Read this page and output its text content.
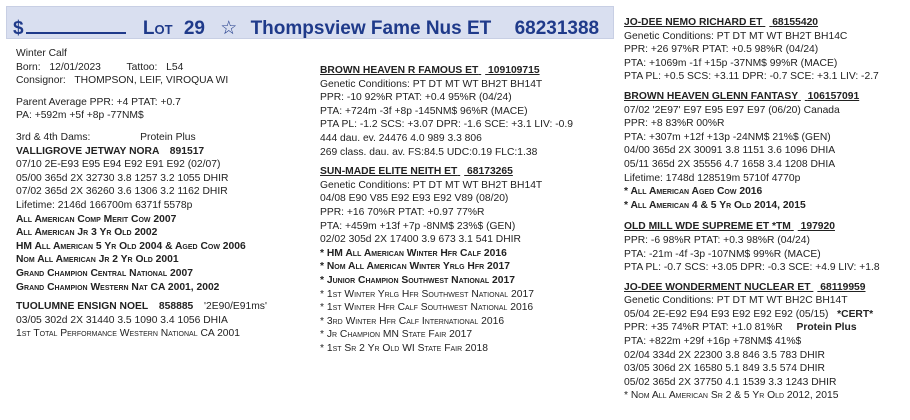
$	Lot 29 ☆ Thompsview Fame Nus ET 68231388
Winter Calf
Born: 12/01/2023 Tattoo: L54
Consignor: THOMPSON, LEIF, VIROQUA WI
Parent Average PPR: +4 PTAT: +0.7
PA: +592m +5f +8p -77NM$
3rd & 4th Dams:	Protein Plus
VALLIGROVE JETWAY NORA 891517
07/10 2E-E93 E95 E94 E92 E91 E92 (02/07)
05/00 365d 2X 32730 3.8 1257 3.2 1055 DHIR
07/02 365d 2X 36260 3.6 1306 3.2 1162 DHIR
Lifetime: 2146d 166700m 6371f 5578p
All American Comp Merit Cow 2007
All American Jr 3 Yr Old 2002
HM All American 5 Yr Old 2004 & Aged Cow 2006
Nom All American Jr 2 Yr Old 2001
Grand Champion Central National 2007
Grand Champion Western Nat CA 2001, 2002
TUOLUMNE ENSIGN NOEL 858885 '2E90/E91ms'
03/05 302d 2X 31440 3.5 1090 3.4 1056 DHIA
1st Total Performance Western National CA 2001
BROWN HEAVEN R FAMOUS ET 109109715
Genetic Conditions: PT DT MT WT BH2T BH14T
PPR: -10 92%R PTAT: +0.4 95%R (04/24)
PTA: +724m -3f +8p -145NM$ 96%R (MACE)
PTA PL: -1.2 SCS: +3.07 DPR: -1.6 SCE: +3.1 LIV: -0.9
444 dau. ev. 24476 4.0 989 3.3 806
269 class. dau. av. FS:84.5 UDC:0.19 FLC:1.38
SUN-MADE ELITE NEITH ET 68173265
Genetic Conditions: PT DT MT WT BH2T BH14T
04/08 E90 V85 E92 E93 E92 V89 (08/20)
PPR: +16 70%R PTAT: +0.97 77%R
PTA: +459m +13f +7p -8NM$ 23%$ (GEN)
02/02 305d 2X 17400 3.9 673 3.1 541 DHIR
* HM All American Winter Hfr Calf 2016
* Nom All American Winter Yrlg Hfr 2017
* Junior Champion Southwest National 2017
* 1st Winter Yrlg Hfr Southwest National 2017
* 1st Winter Hfr Calf Southwest National 2016
* 3rd Winter Hfr Calf International 2016
* Jr Champion MN State Fair 2017
* 1st Sr 2 Yr Old WI State Fair 2018
JO-DEE NEMO RICHARD ET 68155420
Genetic Conditions: PT DT MT WT BH2T BH14C
PPR: +26 97%R PTAT: +0.5 98%R (04/24)
PTA: +1069m -1f +15p -37NM$ 99%R (MACE)
PTA PL: +0.5 SCS: +3.11 DPR: -0.7 SCE: +3.1 LIV: -2.7
BROWN HEAVEN GLENN FANTASY 106157091
07/02 '2E97' E97 E95 E97 E97 (06/20) Canada
PPR: +8 83%R 00%R
PTA: +307m +12f +13p -24NM$ 21%$ (GEN)
04/00 365d 2X 30091 3.8 1151 3.6 1096 DHIA
05/11 365d 2X 35556 4.7 1658 3.4 1208 DHIA
Lifetime: 1748d 128519m 5710f 4770p
* All American Aged Cow 2016
* All American 4 & 5 Yr Old 2014, 2015
OLD MILL WDE SUPREME ET *TM 197920
PPR: -6 98%R PTAT: +0.3 98%R (04/24)
PTA: -21m -4f -3p -107NM$ 99%R (MACE)
PTA PL: -0.7 SCS: +3.05 DPR: -0.3 SCE: +4.9 LIV: +1.8
JO-DEE WONDERMENT NUCLEAR ET 68119959
Genetic Conditions: PT DT MT WT BH2C BH14T
05/04 2E-E92 E94 E93 E92 E92 E92 (05/15) *CERT*
PPR: +35 74%R PTAT: +1.0 81%R Protein Plus
PTA: +822m +29f +16p +78NM$ 41%$
02/04 334d 2X 22300 3.8 846 3.5 783 DHIR
03/05 306d 2X 16580 5.1 849 3.5 574 DHIR
05/02 365d 2X 37750 4.1 1539 3.3 1243 DHIR
* Nom All American Sr 2 & 5 Yr Old 2012, 2015
